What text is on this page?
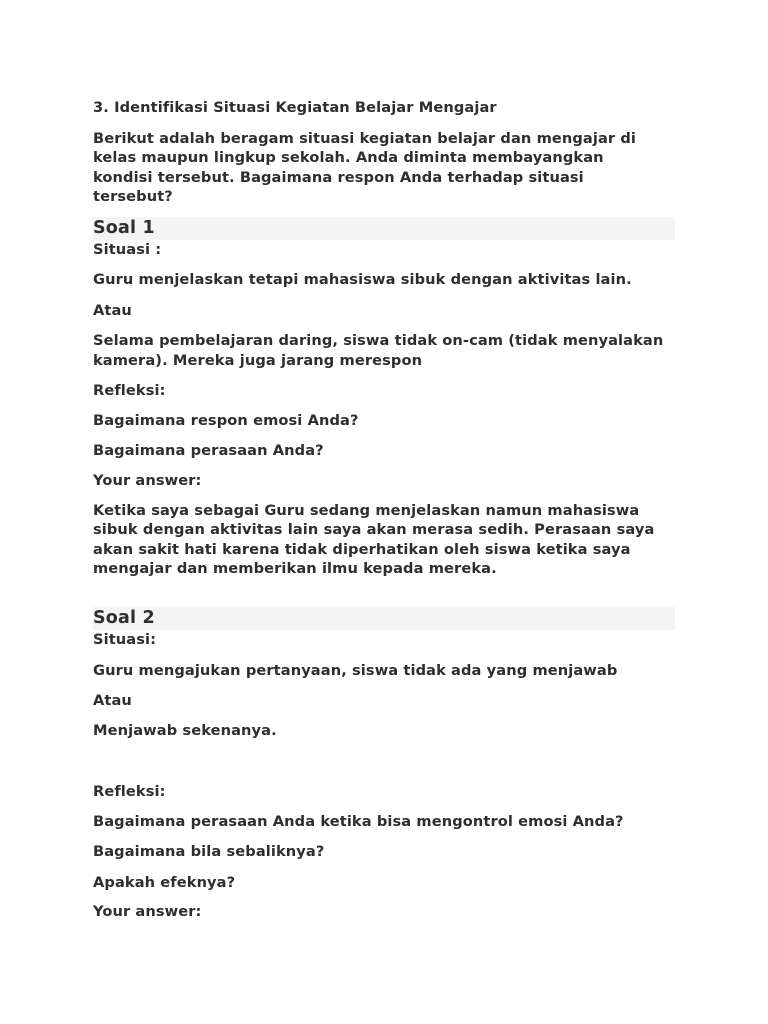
3. Identifikasi Situasi Kegiatan Belajar Mengajar
Berikut adalah beragam situasi kegiatan belajar dan mengajar di
kelas maupun lingkup sekolah. Anda diminta membayangkan
kondisi tersebut. Bagaimana respon Anda terhadap situasi
tersebut?
Soal 1
Situasi :
Guru menjelaskan tetapi mahasiswa sibuk dengan aktivitas lain.
Atau
Selama pembelajaran daring, siswa tidak on-cam (tidak menyalakan
kamera). Mereka juga jarang merespon
Refleksi:
Bagaimana respon emosi Anda?
Bagaimana perasaan Anda?
Your answer:
Ketika saya sebagai Guru sedang menjelaskan namun mahasiswa
sibuk dengan aktivitas lain saya akan merasa sedih. Perasaan saya
akan sakit hati karena tidak diperhatikan oleh siswa ketika saya
mengajar dan memberikan ilmu kepada mereka.
Soal 2
Situasi:
Guru mengajukan pertanyaan, siswa tidak ada yang menjawab
Atau
Menjawab sekenanya.
Refleksi:
Bagaimana perasaan Anda ketika bisa mengontrol emosi Anda?
Bagaimana bila sebaliknya?
Apakah efeknya?
Your answer:
